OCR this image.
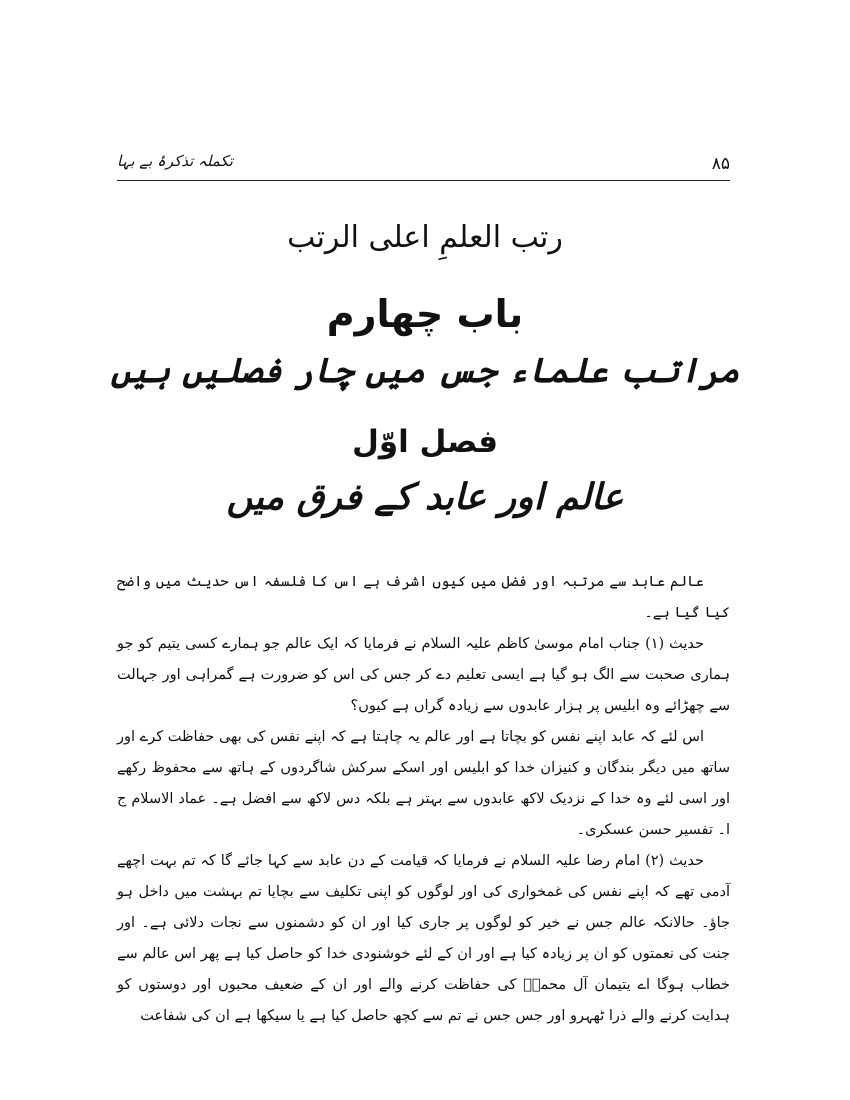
تکملہ تذکرۂ بے بہا	۸۵
رتب العلمِ اعلی الرتب
باب چهارم
مراتب علماء جس میں چار فصلیں ہیں
فصل اوّل
عالم اور عابد کے فرق میں

عالم عابد سے مرتبہ اور فضل میں کیوں اشرف ہے اس کا فلسفہ اس حدیث میں واضح کیا گیا ہے۔

حدیث (۱) جناب امام موسیٰ کاظم علیہ السلام نے فرمایا کہ ایک عالم جو ہمارے کسی یتیم کو جو ہماری صحبت سے الگ ہو گیا ہے ایسی تعلیم دے کر جس کی اس کو ضرورت ہے گمراہی اور جہالت سے چھڑائے وہ ابلیس پر ہزار عابدوں سے زیادہ گراں ہے کیوں؟

اس لئے کہ عابد اپنے نفس کو بچاتا ہے اور عالم یہ چاہتا ہے کہ اپنے نفس کی بھی حفاظت کرے اور ساتھ میں دیگر بندگان و کنیزان خدا کو ابلیس اور اسکے سرکش شاگردوں کے ہاتھ سے محفوظ رکھے اور اسی لئے وہ خدا کے نزدیک لاکھ عابدوں سے بہتر ہے بلکہ دس لاکھ سے افضل ہے۔ عماد الاسلام ج ا۔ تفسیر حسن عسکری۔

حدیث (۲) امام رضا علیہ السلام نے فرمایا کہ قیامت کے دن عابد سے کہا جائے گا کہ تم بہت اچھے آدمی تھے کہ اپنے نفس کی غمخواری کی اور لوگوں کو اپنی تکلیف سے بچایا تم بہشت میں داخل ہو جاؤ۔ حالانکہ عالم جس نے خیر کو لوگوں پر جاری کیا اور ان کو دشمنوں سے نجات دلائی ہے۔ اور جنت کی نعمتوں کو ان پر زیادہ کیا ہے اور ان کے لئے خوشنودی خدا کو حاصل کیا ہے پھر اس عالم سے خطاب ہوگا اے یتیمان آل محمدؐ کی حفاظت کرنے والے اور ان کے ضعیف محبوں اور دوستوں کو ہدایت کرنے والے ذرا ٹھہرو اور جس جس نے تم سے کچھ حاصل کیا ہے یا سیکھا ہے ان کی شفاعت
